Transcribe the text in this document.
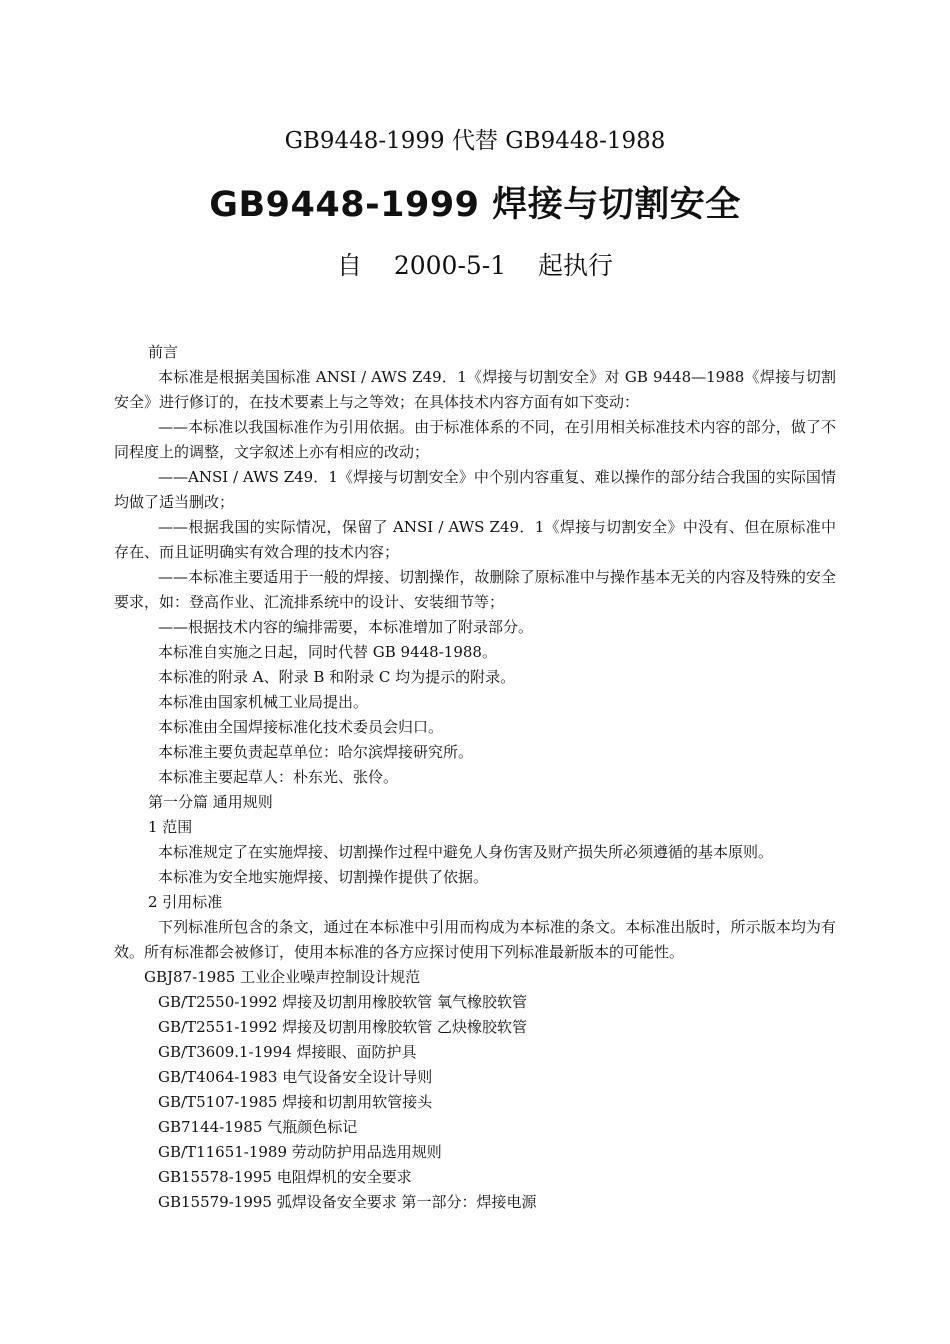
GB9448-1999 代替 GB9448-1988
GB9448-1999 焊接与切割安全
自    2000-5-1    起执行

前言

本标准是根据美国标准 ANSI / AWS Z49．1《焊接与切割安全》对 GB 9448—1988《焊接与切割安全》进行修订的，在技术要素上与之等效；在具体技术内容方面有如下变动：

——本标准以我国标准作为引用依据。由于标准体系的不同，在引用相关标准技术内容的部分，做了不同程度上的调整，文字叙述上亦有相应的改动；

——ANSI / AWS Z49．1《焊接与切割安全》中个别内容重复、难以操作的部分结合我国的实际国情均做了适当删改；

——根据我国的实际情况，保留了 ANSI / AWS Z49．1《焊接与切割安全》中没有、但在原标准中存在、而且证明确实有效合理的技术内容；

——本标准主要适用于一般的焊接、切割操作，故删除了原标准中与操作基本无关的内容及特殊的安全要求，如：登高作业、汇流排系统中的设计、安装细节等；

——根据技术内容的编排需要，本标准增加了附录部分。

本标准自实施之日起，同时代替 GB 9448-1988。

本标准的附录 A、附录 B 和附录 C 均为提示的附录。

本标准由国家机械工业局提出。

本标准由全国焊接标准化技术委员会归口。

本标准主要负责起草单位：哈尔滨焊接研究所。

本标准主要起草人：朴东光、张伶。

第一分篇 通用规则

1 范围

本标准规定了在实施焊接、切割操作过程中避免人身伤害及财产损失所必须遵循的基本原则。

本标准为安全地实施焊接、切割操作提供了依据。

2 引用标准

下列标准所包含的条文，通过在本标准中引用而构成为本标准的条文。本标准出版时，所示版本均为有效。所有标准都会被修订，使用本标准的各方应探讨使用下列标准最新版本的可能性。

GBJ87-1985 工业企业噪声控制设计规范

GB/T2550-1992 焊接及切割用橡胶软管 氧气橡胶软管

GB/T2551-1992 焊接及切割用橡胶软管 乙炔橡胶软管

GB/T3609.1-1994 焊接眼、面防护具

GB/T4064-1983 电气设备安全设计导则

GB/T5107-1985 焊接和切割用软管接头

GB7144-1985 气瓶颜色标记

GB/T11651-1989 劳动防护用品选用规则

GB15578-1995 电阻焊机的安全要求

GB15579-1995 弧焊设备安全要求 第一部分：焊接电源
